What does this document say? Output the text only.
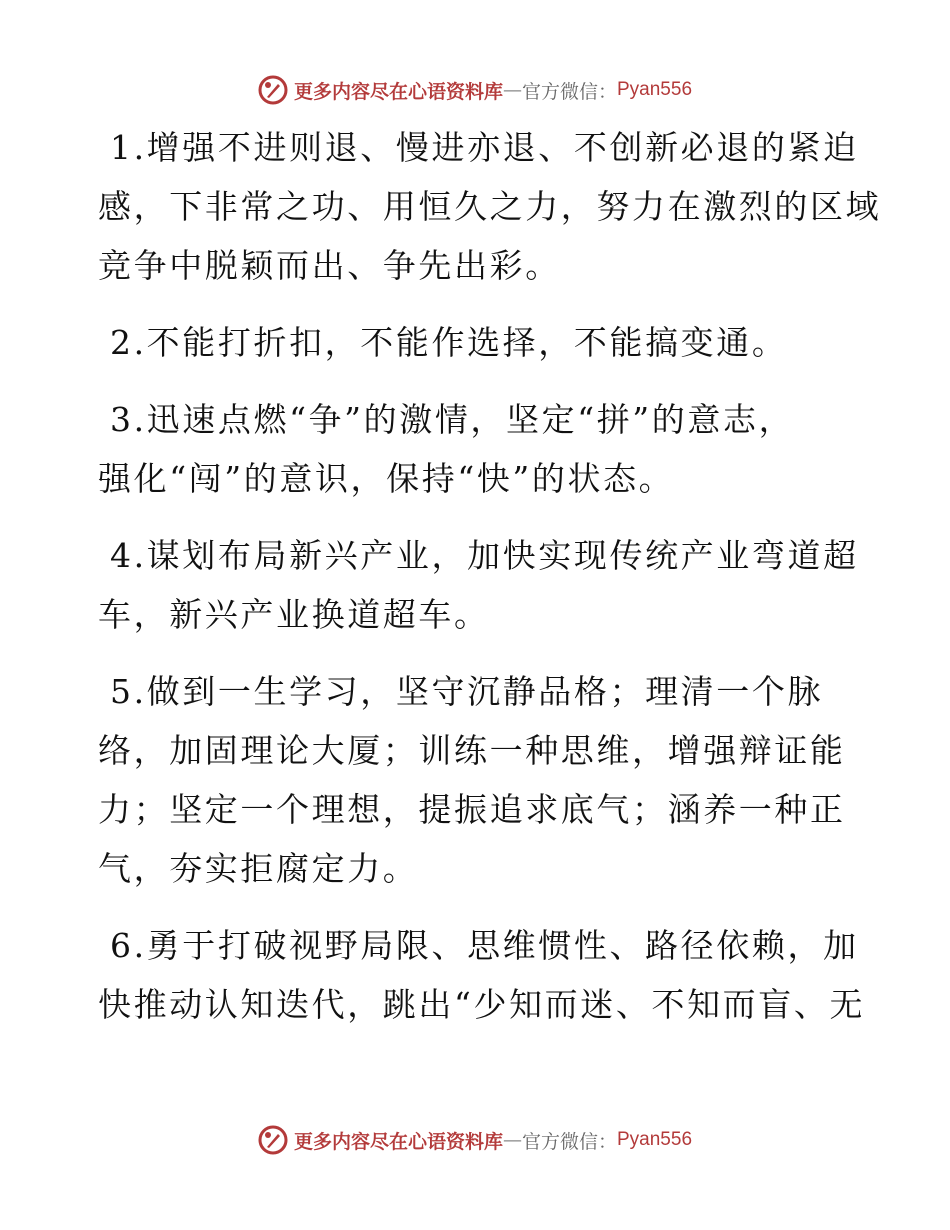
更多内容尽在心语资料库 — 官方微信： Pyan556

1.增强不进则退、慢进亦退、不创新必退的紧迫
感，下非常之功、用恒久之力，努力在激烈的区域
竞争中脱颖而出、争先出彩。

2.不能打折扣，不能作选择，不能搞变通。

3.迅速点燃“争”的激情，坚定“拼”的意志，
强化“闯”的意识，保持“快”的状态。

4.谋划布局新兴产业，加快实现传统产业弯道超
车，新兴产业换道超车。

5.做到一生学习，坚守沉静品格；理清一个脉
络，加固理论大厦；训练一种思维，增强辩证能
力；坚定一个理想，提振追求底气；涵养一种正
气，夯实拒腐定力。

6.勇于打破视野局限、思维惯性、路径依赖，加
快推动认知迭代，跳出“少知而迷、不知而盲、无

更多内容尽在心语资料库 — 官方微信： Pyan556
